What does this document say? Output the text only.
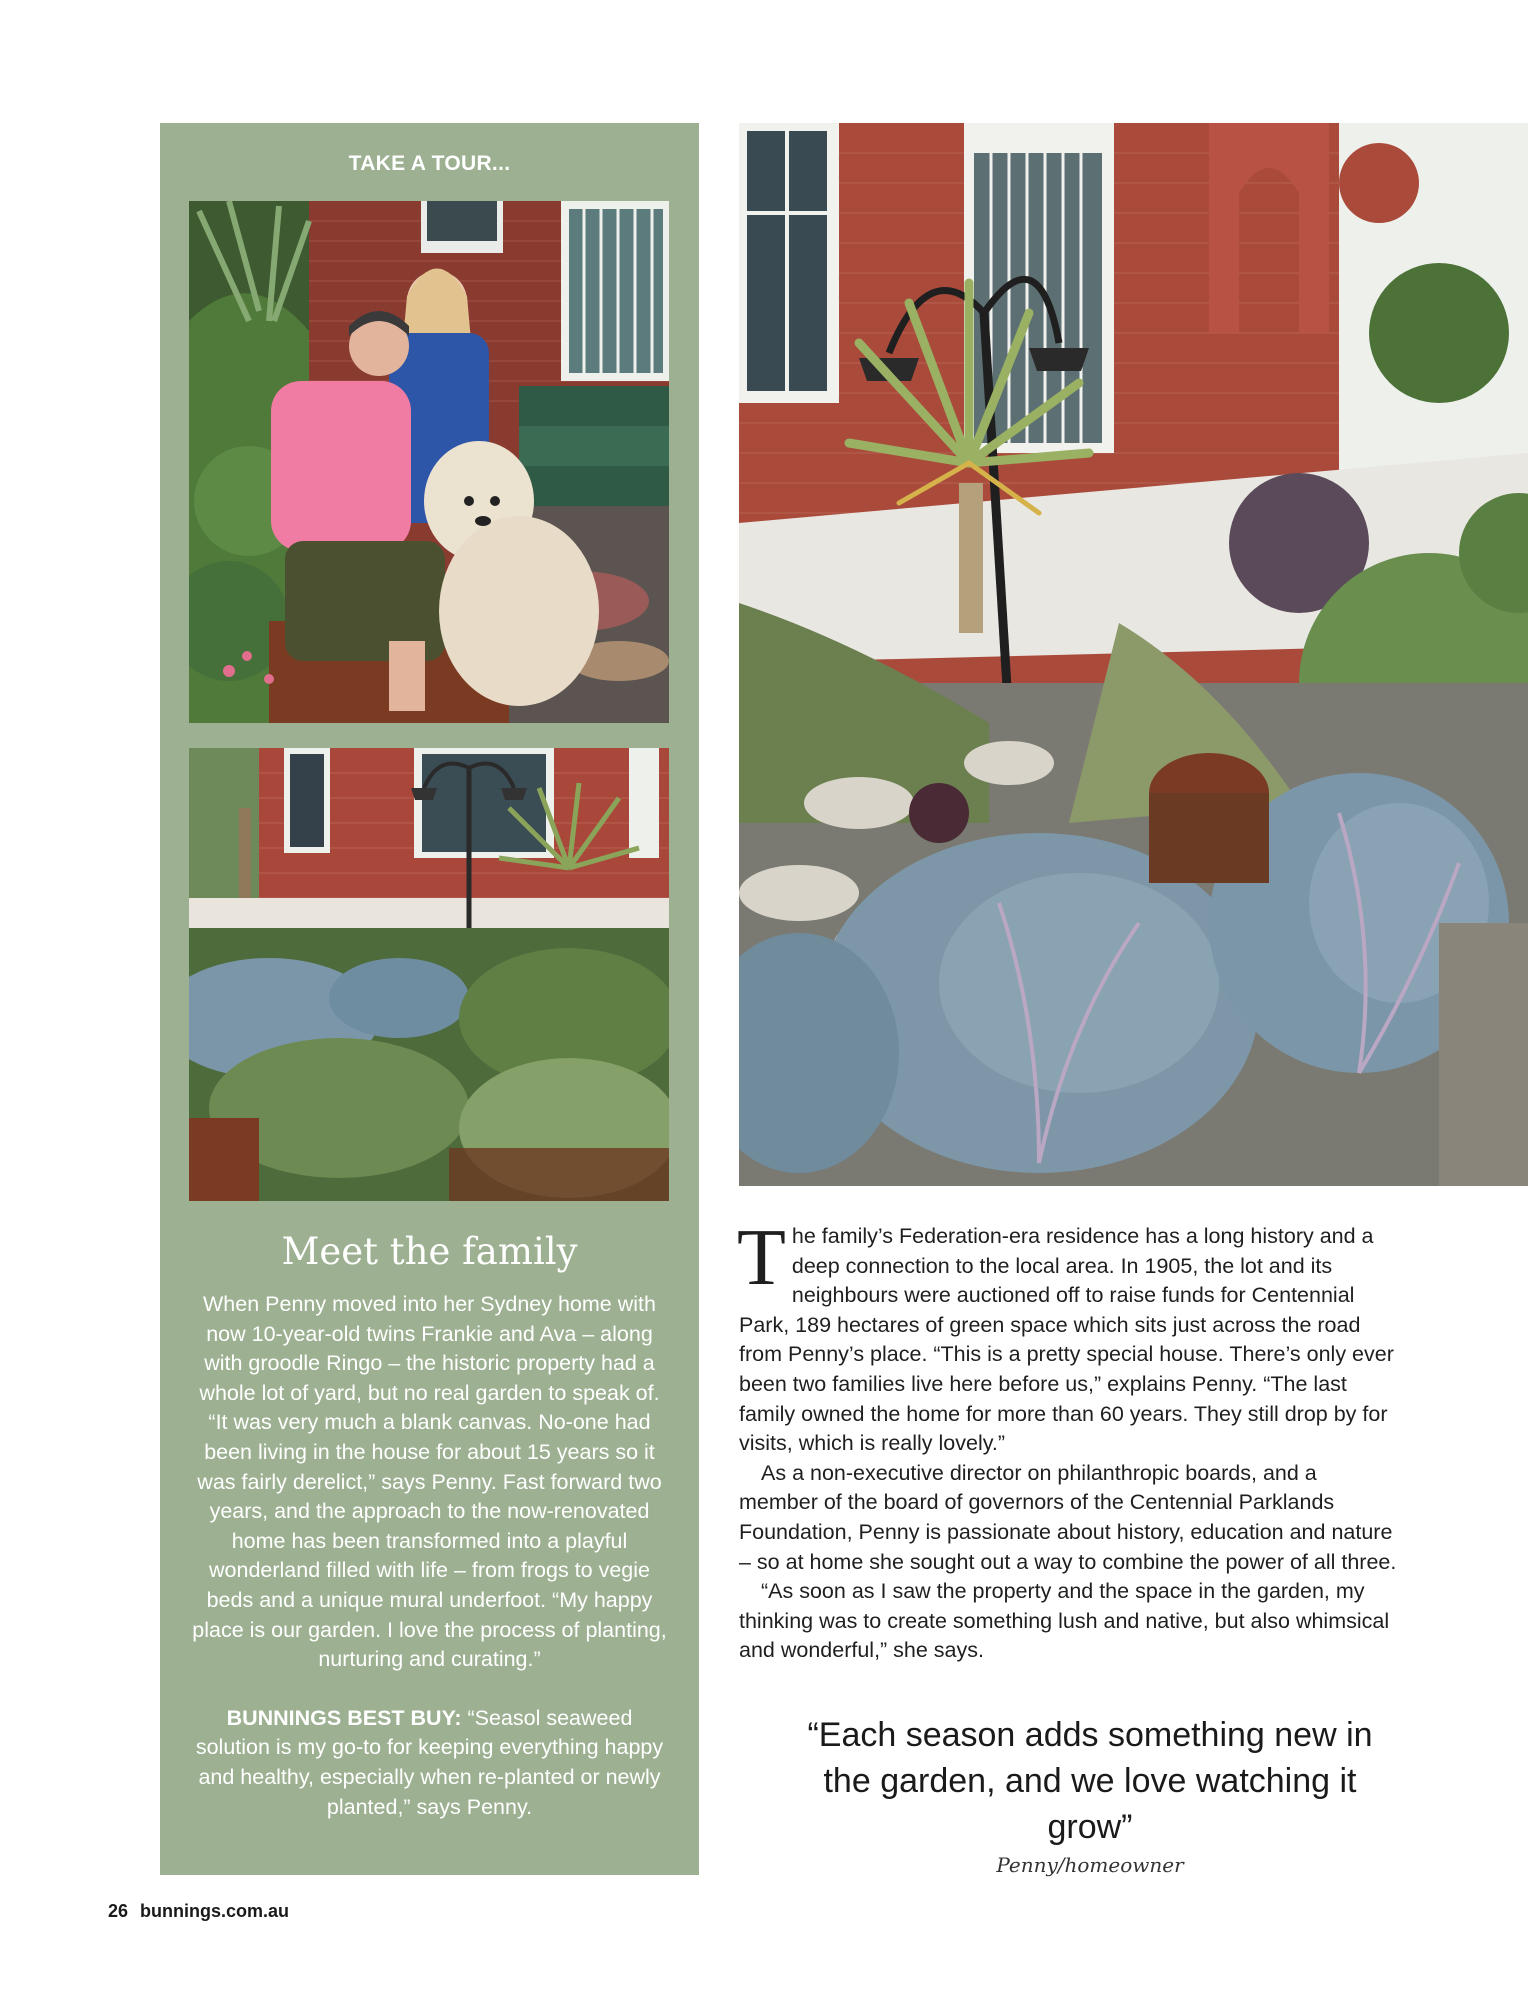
TAKE A TOUR...
Meet the family

When Penny moved into her Sydney home with now 10-year-old twins Frankie and Ava – along with groodle Ringo – the historic property had a whole lot of yard, but no real garden to speak of. “It was very much a blank canvas. No-one had been living in the house for about 15 years so it was fairly derelict,” says Penny. Fast forward two years, and the approach to the now-renovated home has been transformed into a playful wonderland filled with life – from frogs to vegie beds and a unique mural underfoot. “My happy place is our garden. I love the process of planting, nurturing and curating.”

BUNNINGS BEST BUY: “Seasol seaweed solution is my go-to for keeping everything happy and healthy, especially when re-planted or newly planted,” says Penny.

The family’s Federation-era residence has a long history and a deep connection to the local area. In 1905, the lot and its neighbours were auctioned off to raise funds for Centennial Park, 189 hectares of green space which sits just across the road from Penny’s place. “This is a pretty special house. There’s only ever been two families live here before us,” explains Penny. “The last family owned the home for more than 60 years. They still drop by for visits, which is really lovely.”

As a non-executive director on philanthropic boards, and a member of the board of governors of the Centennial Parklands Foundation, Penny is passionate about history, education and nature – so at home she sought out a way to combine the power of all three.

“As soon as I saw the property and the space in the garden, my thinking was to create something lush and native, but also whimsical and wonderful,” she says.

“Each season adds something new in the garden, and we love watching it grow”
Penny/homeowner
26 bunnings.com.au
